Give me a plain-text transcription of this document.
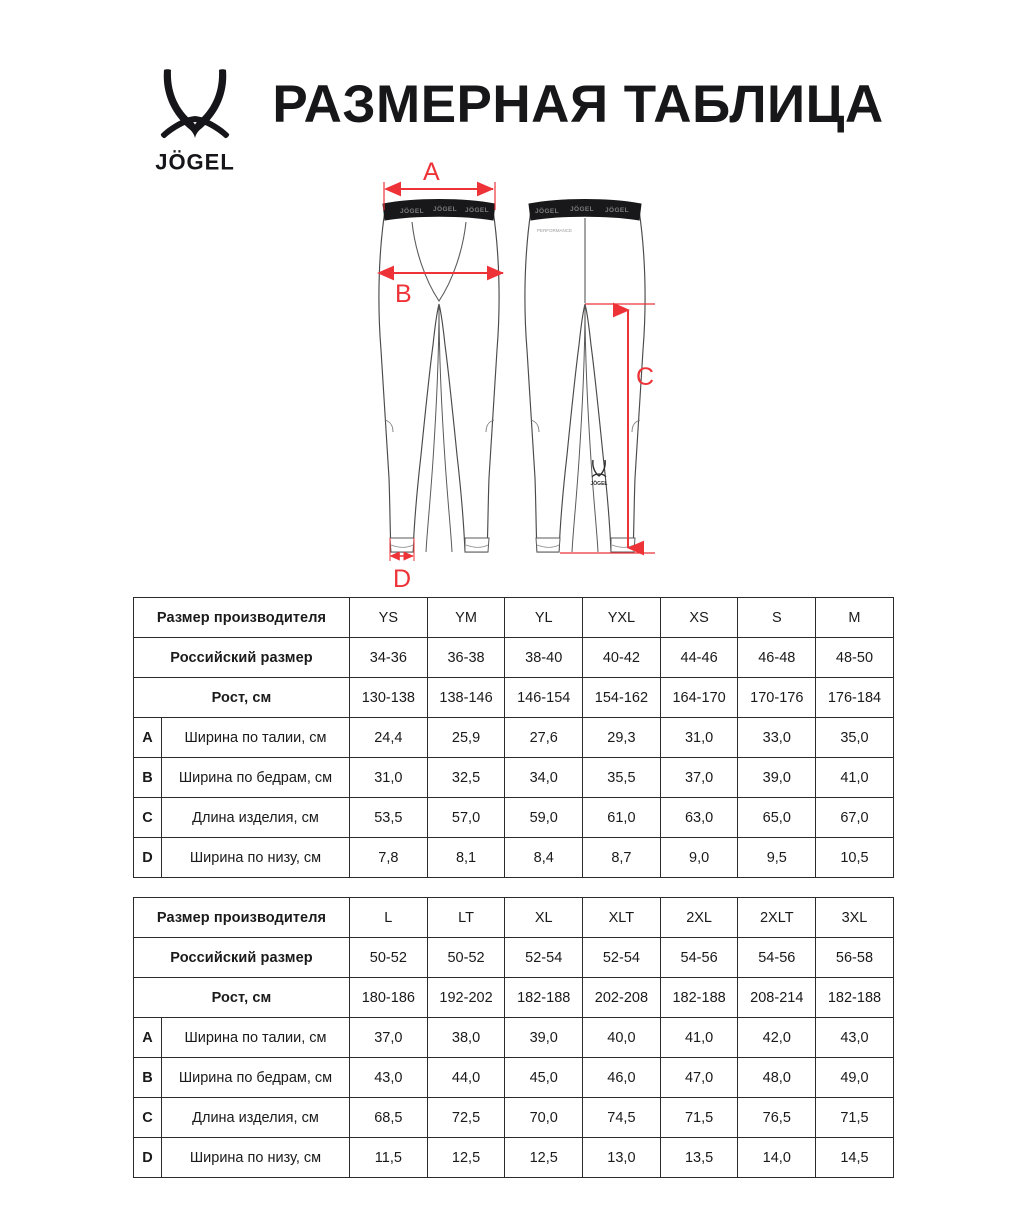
JÖGEL
РАЗМЕРНАЯ ТАБЛИЦА
JÖGEL JÖGEL JÖGEL
A
B
D
JÖGEL JÖGEL JÖGEL
PERFORMANCE
JÖGEL
C
Размер производителя		YS	YM	YL	YXL	XS	S	M
Российский размер		34-36	36-38	38-40	40-42	44-46	46-48	48-50
Рост, см		130-138	138-146	146-154	154-162	164-170	170-176	176-184
A	Ширина по талии, см	24,4	25,9	27,6	29,3	31,0	33,0	35,0
B	Ширина по бедрам, см	31,0	32,5	34,0	35,5	37,0	39,0	41,0
C	Длина изделия, см	53,5	57,0	59,0	61,0	63,0	65,0	67,0
D	Ширина по низу, см	7,8	8,1	8,4	8,7	9,0	9,5	10,5
Размер производителя		L	LT	XL	XLT	2XL	2XLT	3XL
Российский размер		50-52	50-52	52-54	52-54	54-56	54-56	56-58
Рост, см		180-186	192-202	182-188	202-208	182-188	208-214	182-188
A	Ширина по талии, см	37,0	38,0	39,0	40,0	41,0	42,0	43,0
B	Ширина по бедрам, см	43,0	44,0	45,0	46,0	47,0	48,0	49,0
C	Длина изделия, см	68,5	72,5	70,0	74,5	71,5	76,5	71,5
D	Ширина по низу, см	11,5	12,5	12,5	13,0	13,5	14,0	14,5
